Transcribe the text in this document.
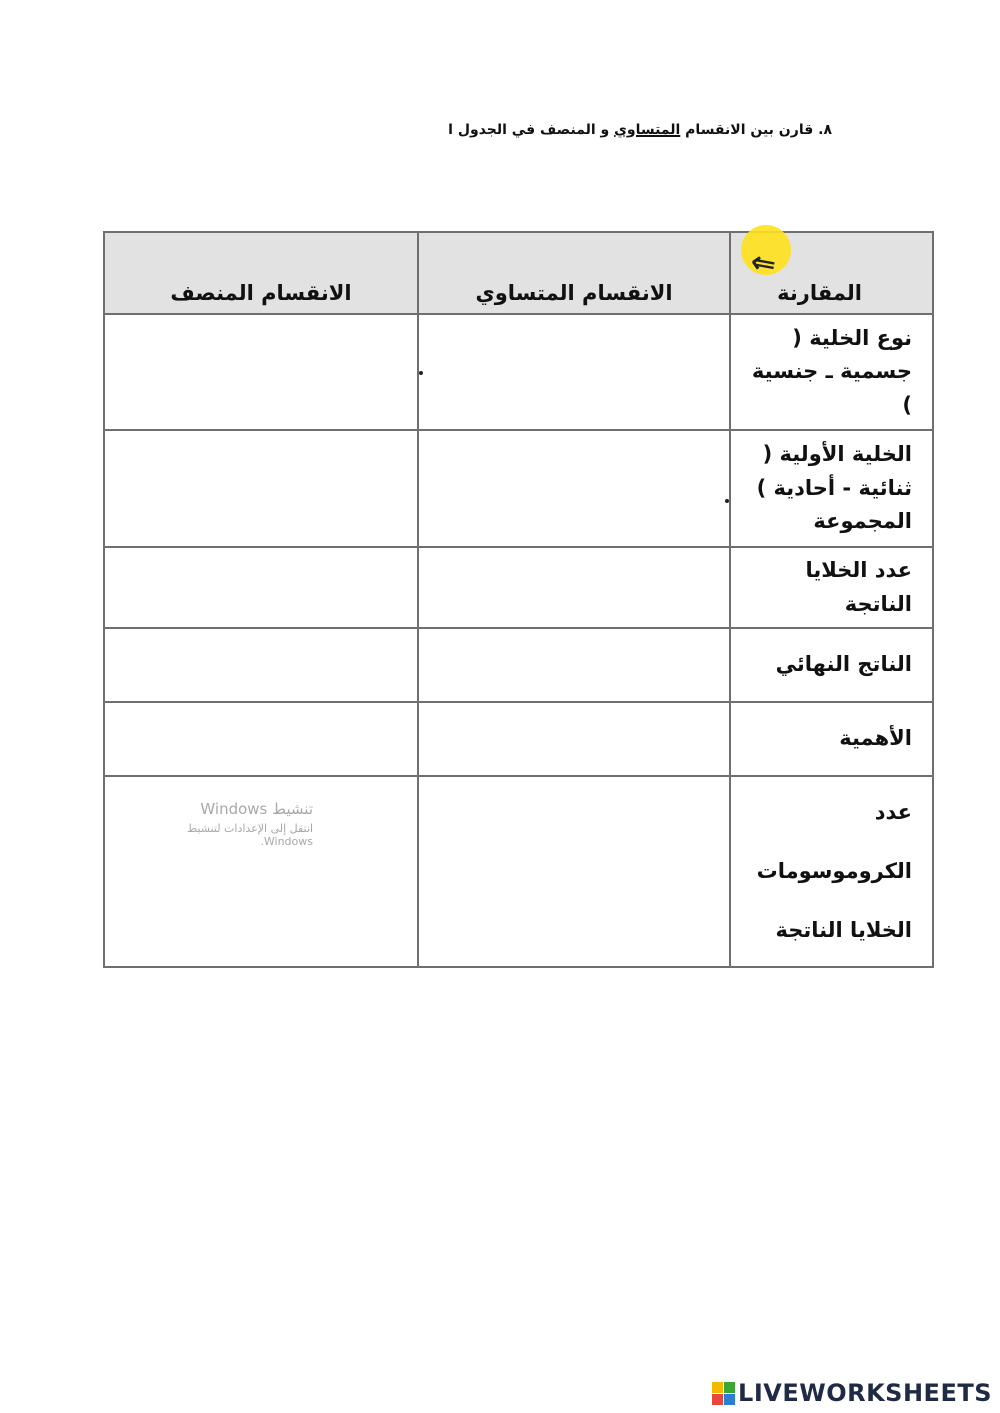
٨. قارن بين الانقسام المتساوي و المنصف في الجدول ا
⇖
المقارنة	الانقسام المتساوي	الانقسام المنصف
نوع الخلية ( جسمية ـ جنسية )	

الخلية الأولية ( ثنائية - أحادية ) المجموعة	

عدد الخلايا الناتجة		
الناتج النهائي		
الأهمية		

عدد الكروموسومات
الخلايا الناتجة		

تنشيط Windows
انتقل إلى الإعدادات لتنشيط Windows.
LIVEWORKSHEETS
